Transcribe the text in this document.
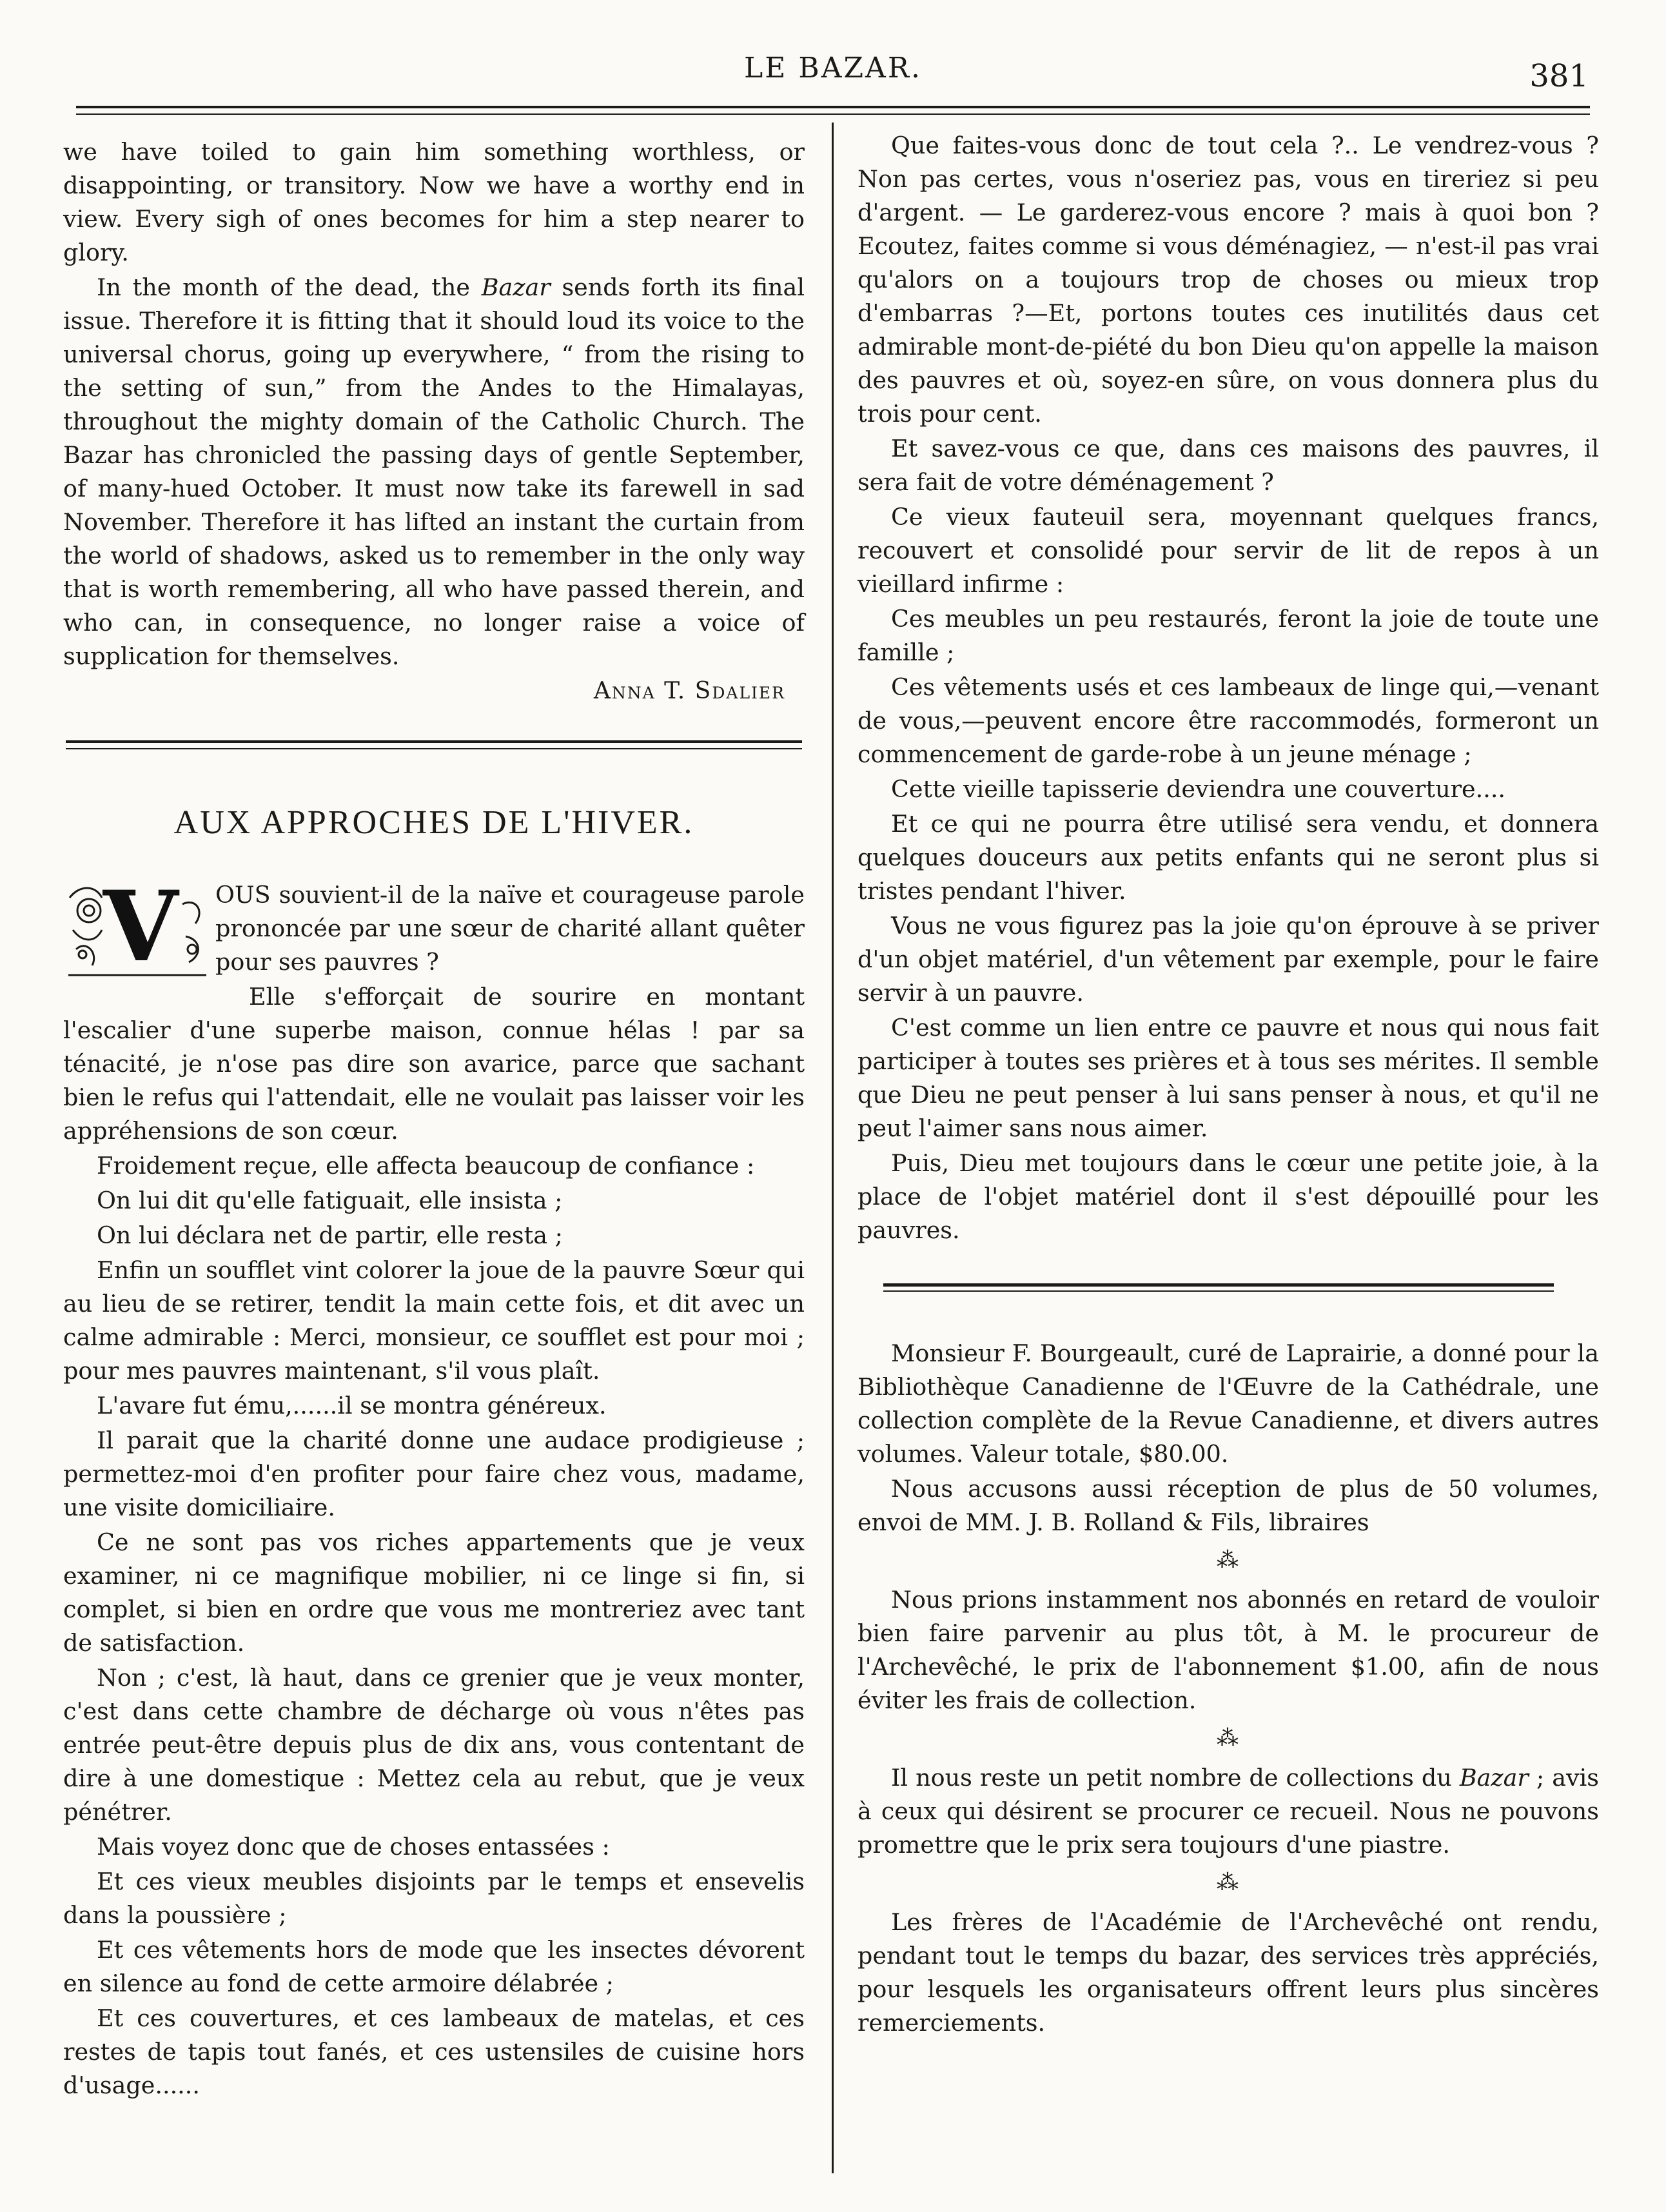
LE BAZAR.	381

we have toiled to gain him something worthless, or disappointing, or transitory. Now we have a worthy end in view. Every sigh of ones becomes for him a step nearer to glory.

In the month of the dead, the Bazar sends forth its final issue. Therefore it is fitting that it should loud its voice to the universal chorus, going up everywhere, “ from the rising to the setting of sun,” from the Andes to the Himalayas, throughout the mighty domain of the Catholic Church. The Bazar has chronicled the passing days of gentle September, of many-hued October. It must now take its farewell in sad November. Therefore it has lifted an instant the curtain from the world of shadows, asked us to remember in the only way that is worth remembering, all who have passed therein, and who can, in consequence, no longer raise a voice of supplication for themselves.

Anna T. Sdalier
AUX APPROCHES DE L'HIVER.
V	OUS souvient-il de la naïve et courageuse parole prononcée par une sœur de charité allant quêter pour ses pauvres ?

Elle s'efforçait de sourire en montant l'escalier d'une superbe maison, connue hélas ! par sa ténacité, je n'ose pas dire son avarice, parce que sachant bien le refus qui l'attendait, elle ne voulait pas laisser voir les appréhensions de son cœur.

Froidement reçue, elle affecta beaucoup de confiance :

On lui dit qu'elle fatiguait, elle insista ;

On lui déclara net de partir, elle resta ;

Enfin un soufflet vint colorer la joue de la pauvre Sœur qui au lieu de se retirer, tendit la main cette fois, et dit avec un calme admirable : Merci, monsieur, ce soufflet est pour moi ; pour mes pauvres maintenant, s'il vous plaît.

L'avare fut ému,......il se montra généreux.

Il parait que la charité donne une audace prodigieuse ; permettez-moi d'en profiter pour faire chez vous, madame, une visite domiciliaire.

Ce ne sont pas vos riches appartements que je veux examiner, ni ce magnifique mobilier, ni ce linge si fin, si complet, si bien en ordre que vous me montreriez avec tant de satisfaction.

Non ; c'est, là haut, dans ce grenier que je veux monter, c'est dans cette chambre de décharge où vous n'êtes pas entrée peut-être depuis plus de dix ans, vous contentant de dire à une domestique : Mettez cela au rebut, que je veux pénétrer.

Mais voyez donc que de choses entassées :

Et ces vieux meubles disjoints par le temps et ensevelis dans la poussière ;

Et ces vêtements hors de mode que les insectes dévorent en silence au fond de cette armoire délabrée ;

Et ces couvertures, et ces lambeaux de matelas, et ces restes de tapis tout fanés, et ces ustensiles de cuisine hors d'usage......

Que faites-vous donc de tout cela ?.. Le vendrez-vous ? Non pas certes, vous n'oseriez pas, vous en tireriez si peu d'argent. — Le garderez-vous encore ? mais à quoi bon ? Ecoutez, faites comme si vous déménagiez, — n'est-il pas vrai qu'alors on a toujours trop de choses ou mieux trop d'embarras ?—Et, portons toutes ces inutilités daus cet admirable mont-de-piété du bon Dieu qu'on appelle la maison des pauvres et où, soyez-en sûre, on vous donnera plus du trois pour cent.

Et savez-vous ce que, dans ces maisons des pauvres, il sera fait de votre déménagement ?

Ce vieux fauteuil sera, moyennant quelques francs, recouvert et consolidé pour servir de lit de repos à un vieillard infirme :

Ces meubles un peu restaurés, feront la joie de toute une famille ;

Ces vêtements usés et ces lambeaux de linge qui,—venant de vous,—peuvent encore être raccommodés, formeront un commencement de garde-robe à un jeune ménage ;

Cette vieille tapisserie deviendra une couverture....

Et ce qui ne pourra être utilisé sera vendu, et donnera quelques douceurs aux petits enfants qui ne seront plus si tristes pendant l'hiver.

Vous ne vous figurez pas la joie qu'on éprouve à se priver d'un objet matériel, d'un vêtement par exemple, pour le faire servir à un pauvre.

C'est comme un lien entre ce pauvre et nous qui nous fait participer à toutes ses prières et à tous ses mérites. Il semble que Dieu ne peut penser à lui sans penser à nous, et qu'il ne peut l'aimer sans nous aimer.

Puis, Dieu met toujours dans le cœur une petite joie, à la place de l'objet matériel dont il s'est dépouillé pour les pauvres.

Monsieur F. Bourgeault, curé de Laprairie, a donné pour la Bibliothèque Canadienne de l'Œuvre de la Cathédrale, une collection complète de la Revue Canadienne, et divers autres volumes. Valeur totale, $80.00.

Nous accusons aussi réception de plus de 50 volumes, envoi de MM. J. B. Rolland & Fils, libraires

⁂

Nous prions instamment nos abonnés en retard de vouloir bien faire parvenir au plus tôt, à M. le procureur de l'Archevêché, le prix de l'abonnement $1.00, afin de nous éviter les frais de collection.

⁂

Il nous reste un petit nombre de collections du Bazar ; avis à ceux qui désirent se procurer ce recueil. Nous ne pouvons promettre que le prix sera toujours d'une piastre.

⁂

Les frères de l'Académie de l'Archevêché ont rendu, pendant tout le temps du bazar, des services très appréciés, pour lesquels les organisateurs offrent leurs plus sincères remerciements.
